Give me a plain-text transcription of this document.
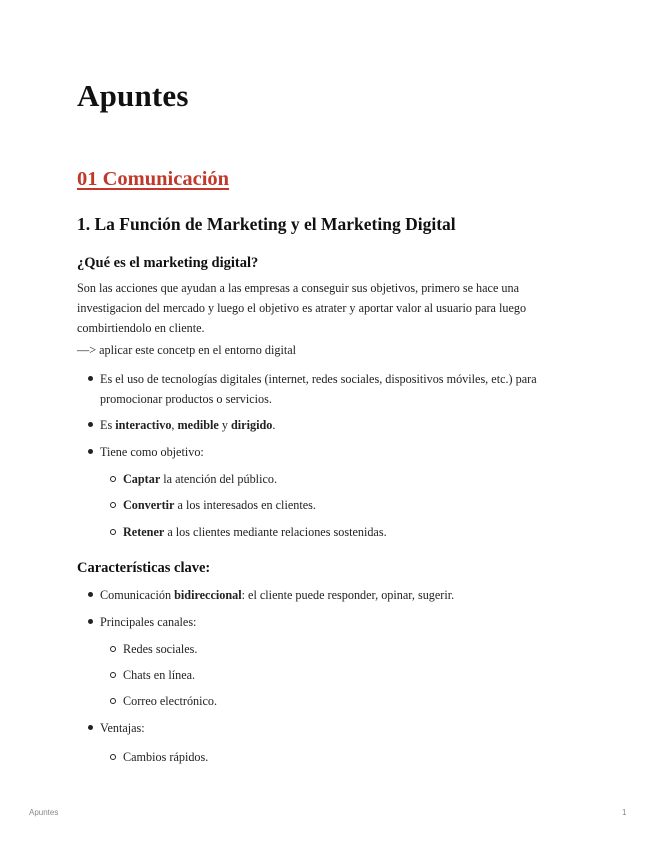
Apuntes
01 Comunicación
1. La Función de Marketing y el Marketing Digital
¿Qué es el marketing digital?

Son las acciones que ayudan a las empresas a conseguir sus objetivos, primero se hace una investigacion del mercado y luego el objetivo es atrater y aportar valor al usuario para luego combirtiendolo en cliente.

—> aplicar este concetp en el entorno digital

Es el uso de tecnologías digitales (internet, redes sociales, dispositivos móviles, etc.) para promocionar productos o servicios.

Es interactivo, medible y dirigido.

Tiene como objetivo:

Captar la atención del público.

Convertir a los interesados en clientes.

Retener a los clientes mediante relaciones sostenidas.

Características clave:

Comunicación bidireccional: el cliente puede responder, opinar, sugerir.

Principales canales:

Redes sociales.

Chats en línea.

Correo electrónico.

Ventajas:

Cambios rápidos.

Apuntes	1
